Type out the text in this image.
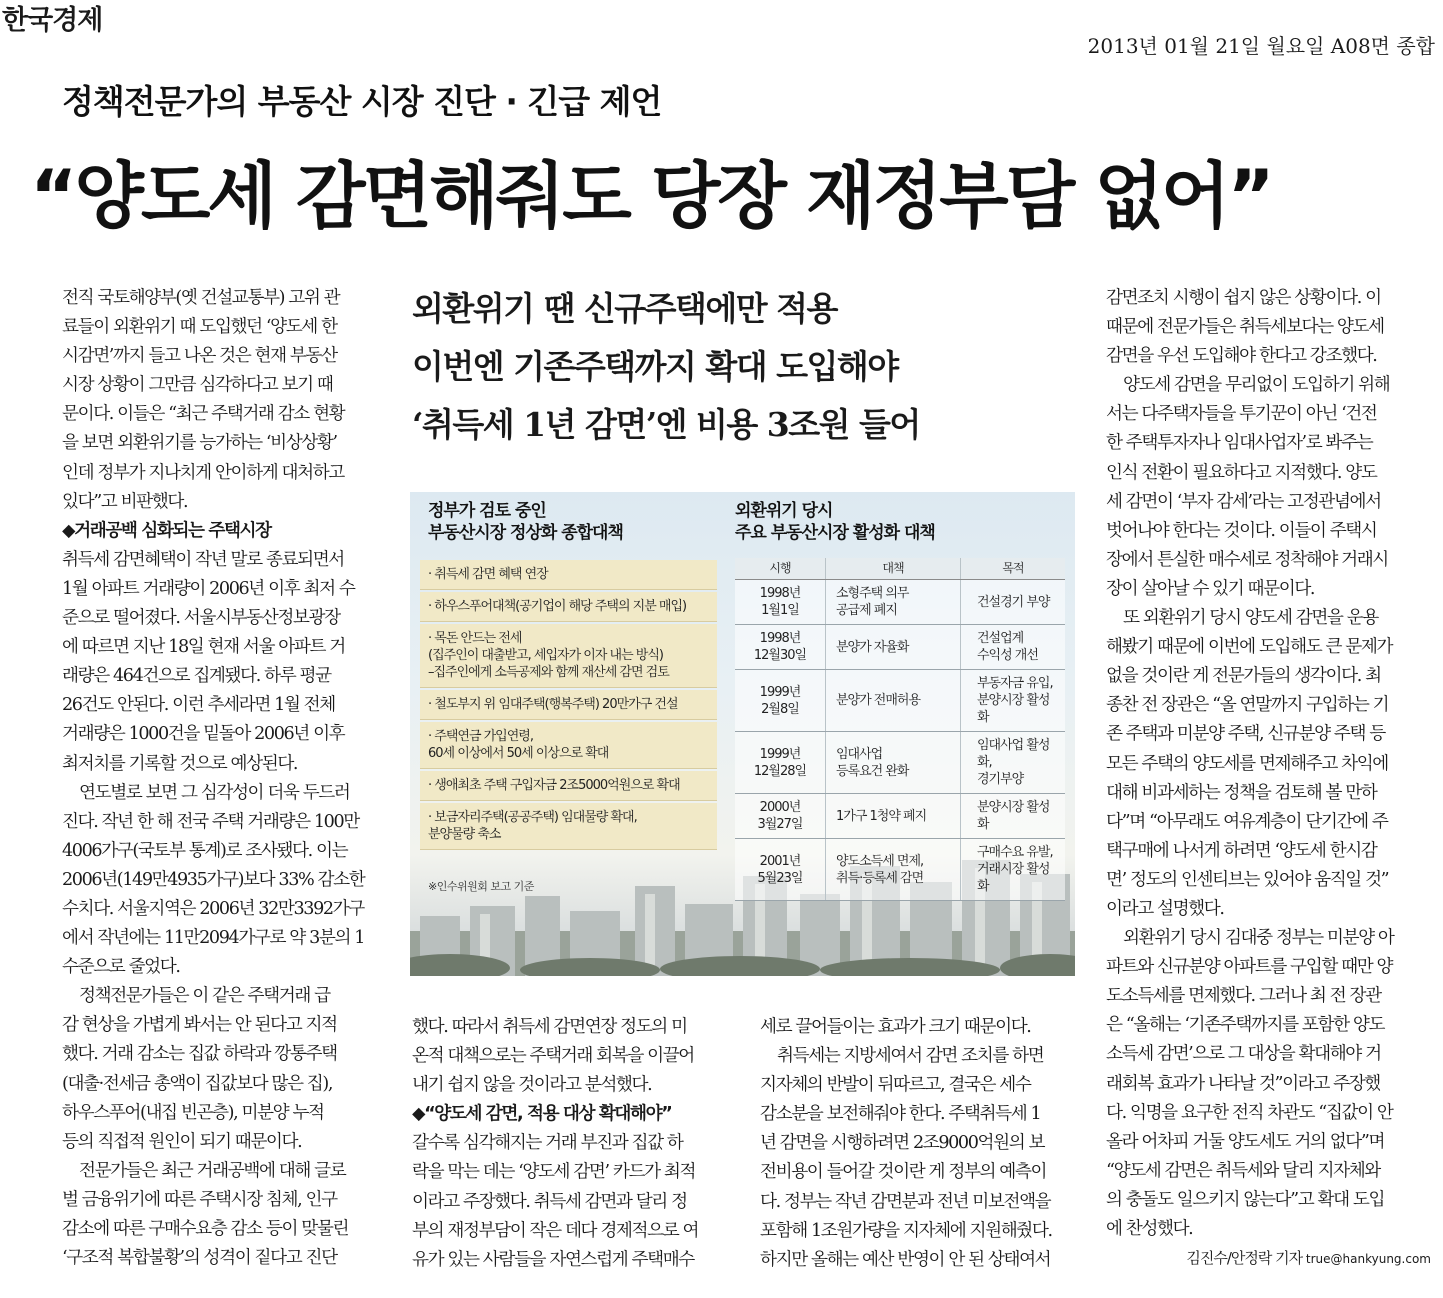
한국경제
2013년 01월 21일 월요일 A08면 종합
정책전문가의 부동산 시장 진단 · 긴급 제언
“양도세 감면해줘도 당장 재정부담 없어”
전직 국토해양부(옛 건설교통부) 고위 관
료들이 외환위기 때 도입했던 ‘양도세 한
시감면’까지 들고 나온 것은 현재 부동산
시장 상황이 그만큼 심각하다고 보기 때
문이다. 이들은 “최근 주택거래 감소 현황
을 보면 외환위기를 능가하는 ‘비상상황’
인데 정부가 지나치게 안이하게 대처하고
있다”고 비판했다.
◆거래공백 심화되는 주택시장
취득세 감면혜택이 작년 말로 종료되면서
1월 아파트 거래량이 2006년 이후 최저 수
준으로 떨어졌다. 서울시부동산정보광장
에 따르면 지난 18일 현재 서울 아파트 거
래량은 464건으로 집계됐다. 하루 평균
26건도 안된다. 이런 추세라면 1월 전체
거래량은 1000건을 밑돌아 2006년 이후
최저치를 기록할 것으로 예상된다.
연도별로 보면 그 심각성이 더욱 두드러
진다. 작년 한 해 전국 주택 거래량은 100만
4006가구(국토부 통계)로 조사됐다. 이는
2006년(149만4935가구)보다 33% 감소한
수치다. 서울지역은 2006년 32만3392가구
에서 작년에는 11만2094가구로 약 3분의 1
수준으로 줄었다.
정책전문가들은 이 같은 주택거래 급
감 현상을 가볍게 봐서는 안 된다고 지적
했다. 거래 감소는 집값 하락과 깡통주택
(대출·전세금 총액이 집값보다 많은 집),
하우스푸어(내집 빈곤층), 미분양 누적
등의 직접적 원인이 되기 때문이다.
전문가들은 최근 거래공백에 대해 글로
벌 금융위기에 따른 주택시장 침체, 인구
감소에 따른 구매수요층 감소 등이 맞물린
‘구조적 복합불황’의 성격이 짙다고 진단
외환위기 땐 신규주택에만 적용
이번엔 기존주택까지 확대 도입해야
‘취득세 1년 감면’엔 비용 3조원 들어
정부가 검토 중인
부동산시장 정상화 종합대책
외환위기 당시
주요 부동산시장 활성화 대책
· 취득세 감면 혜택 연장
· 하우스푸어대책(공기업이 해당 주택의 지분 매입)
· 목돈 안드는 전세
(집주인이 대출받고, 세입자가 이자 내는 방식)
–집주인에게 소득공제와 함께 재산세 감면 검토
· 철도부지 위 임대주택(행복주택) 20만가구 건설
· 주택연금 가입연령,
60세 이상에서 50세 이상으로 확대
· 생애최초 주택 구입자금 2조5000억원으로 확대
· 보금자리주택(공공주택) 임대물량 확대,
분양물량 축소
※인수위원회 보고 기준
시행	대책	목적
1998년
1월1일	소형주택 의무
공급제 폐지	건설경기 부양
1998년
12월30일	분양가 자율화	건설업계
수익성 개선
1999년
2월8일	분양가 전매허용	부동자금 유입,
분양시장 활성화
1999년
12월28일	임대사업
등록요건 완화	임대사업 활성화,
경기부양
2000년
3월27일	1가구 1청약 폐지	분양시장 활성화
2001년
5월23일	양도소득세 면제,
취득·등록세 감면	구매수요 유발,
거래시장 활성화
했다. 따라서 취득세 감면연장 정도의 미
온적 대책으로는 주택거래 회복을 이끌어
내기 쉽지 않을 것이라고 분석했다.
◆“양도세 감면, 적용 대상 확대해야”
갈수록 심각해지는 거래 부진과 집값 하
락을 막는 데는 ‘양도세 감면’ 카드가 최적
이라고 주장했다. 취득세 감면과 달리 정
부의 재정부담이 작은 데다 경제적으로 여
유가 있는 사람들을 자연스럽게 주택매수
세로 끌어들이는 효과가 크기 때문이다.
취득세는 지방세여서 감면 조치를 하면
지자체의 반발이 뒤따르고, 결국은 세수
감소분을 보전해줘야 한다. 주택취득세 1
년 감면을 시행하려면 2조9000억원의 보
전비용이 들어갈 것이란 게 정부의 예측이
다. 정부는 작년 감면분과 전년 미보전액을
포함해 1조원가량을 지자체에 지원해줬다.
하지만 올해는 예산 반영이 안 된 상태여서
감면조치 시행이 쉽지 않은 상황이다. 이
때문에 전문가들은 취득세보다는 양도세
감면을 우선 도입해야 한다고 강조했다.
양도세 감면을 무리없이 도입하기 위해
서는 다주택자들을 투기꾼이 아닌 ‘건전
한 주택투자자나 임대사업자’로 봐주는
인식 전환이 필요하다고 지적했다. 양도
세 감면이 ‘부자 감세’라는 고정관념에서
벗어나야 한다는 것이다. 이들이 주택시
장에서 튼실한 매수세로 정착해야 거래시
장이 살아날 수 있기 때문이다.
또 외환위기 당시 양도세 감면을 운용
해봤기 때문에 이번에 도입해도 큰 문제가
없을 것이란 게 전문가들의 생각이다. 최
종찬 전 장관은 “올 연말까지 구입하는 기
존 주택과 미분양 주택, 신규분양 주택 등
모든 주택의 양도세를 면제해주고 차익에
대해 비과세하는 정책을 검토해 볼 만하
다”며 “아무래도 여유계층이 단기간에 주
택구매에 나서게 하려면 ‘양도세 한시감
면’ 정도의 인센티브는 있어야 움직일 것”
이라고 설명했다.
외환위기 당시 김대중 정부는 미분양 아
파트와 신규분양 아파트를 구입할 때만 양
도소득세를 면제했다. 그러나 최 전 장관
은 “올해는 ‘기존주택까지를 포함한 양도
소득세 감면’으로 그 대상을 확대해야 거
래회복 효과가 나타날 것”이라고 주장했
다. 익명을 요구한 전직 차관도 “집값이 안
올라 어차피 거둘 양도세도 거의 없다”며
“양도세 감면은 취득세와 달리 지자체와
의 충돌도 일으키지 않는다”고 확대 도입
에 찬성했다.
김진수/안정락 기자 true@hankyung.com
